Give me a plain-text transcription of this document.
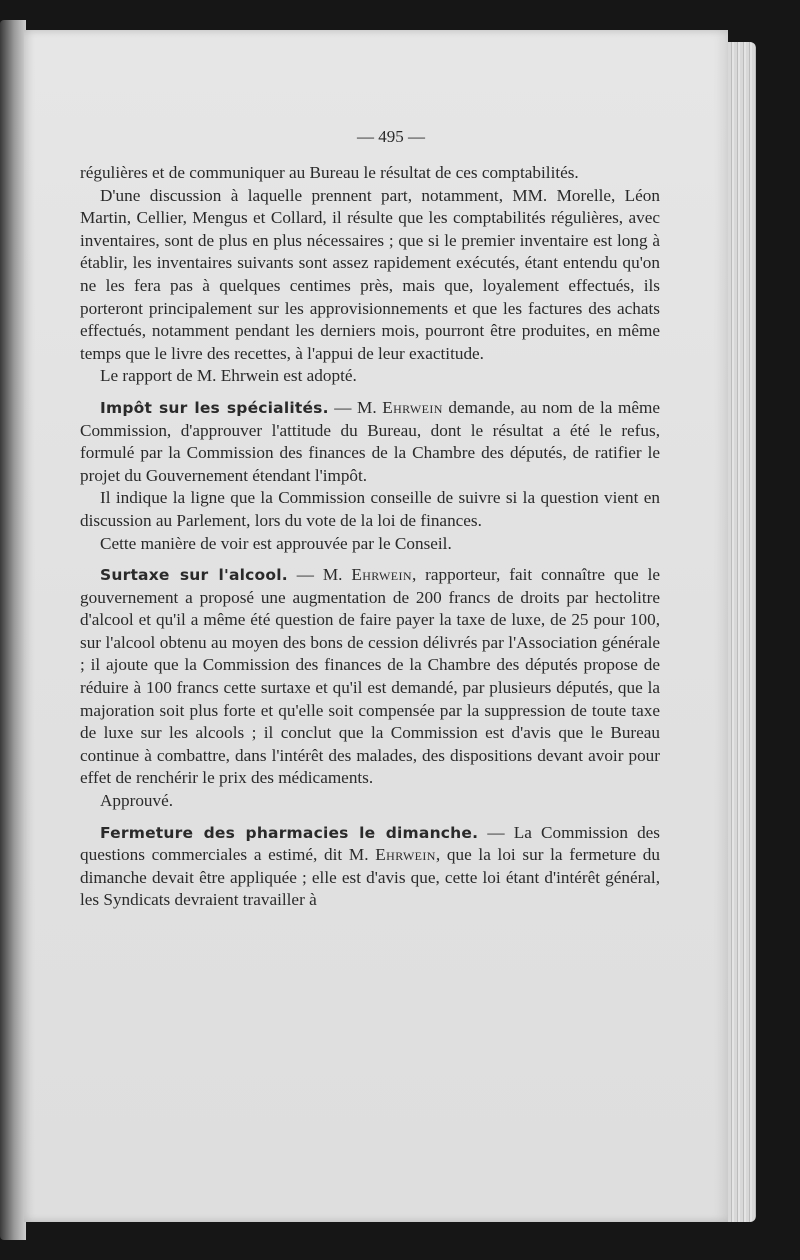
— 495 —

régulières et de communiquer au Bureau le résultat de ces comptabilités.

D'une discussion à laquelle prennent part, notamment, MM. Morelle, Léon Martin, Cellier, Mengus et Collard, il résulte que les comptabilités régulières, avec inventaires, sont de plus en plus nécessaires ; que si le premier inventaire est long à établir, les inventaires suivants sont assez rapidement exécutés, étant entendu qu'on ne les fera pas à quelques centimes près, mais que, loyalement effectués, ils porteront principalement sur les approvisionnements et que les factures des achats effectués, notamment pendant les derniers mois, pourront être produites, en même temps que le livre des recettes, à l'appui de leur exactitude.

Le rapport de M. Ehrwein est adopté.

Impôt sur les spécialités. — M. Ehrwein demande, au nom de la même Commission, d'approuver l'attitude du Bureau, dont le résultat a été le refus, formulé par la Commission des finances de la Chambre des députés, de ratifier le projet du Gouvernement étendant l'impôt.

Il indique la ligne que la Commission conseille de suivre si la question vient en discussion au Parlement, lors du vote de la loi de finances.

Cette manière de voir est approuvée par le Conseil.

Surtaxe sur l'alcool. — M. Ehrwein, rapporteur, fait connaître que le gouvernement a proposé une augmentation de 200 francs de droits par hectolitre d'alcool et qu'il a même été question de faire payer la taxe de luxe, de 25 pour 100, sur l'alcool obtenu au moyen des bons de cession délivrés par l'Association générale ; il ajoute que la Commission des finances de la Chambre des députés propose de réduire à 100 francs cette surtaxe et qu'il est demandé, par plusieurs députés, que la majoration soit plus forte et qu'elle soit compensée par la suppression de toute taxe de luxe sur les alcools ; il conclut que la Commission est d'avis que le Bureau continue à combattre, dans l'intérêt des malades, des dispositions devant avoir pour effet de renchérir le prix des médicaments.

Approuvé.

Fermeture des pharmacies le dimanche. — La Commission des questions commerciales a estimé, dit M. Ehrwein, que la loi sur la fermeture du dimanche devait être appliquée ; elle est d'avis que, cette loi étant d'intérêt général, les Syndicats devraient travailler à
